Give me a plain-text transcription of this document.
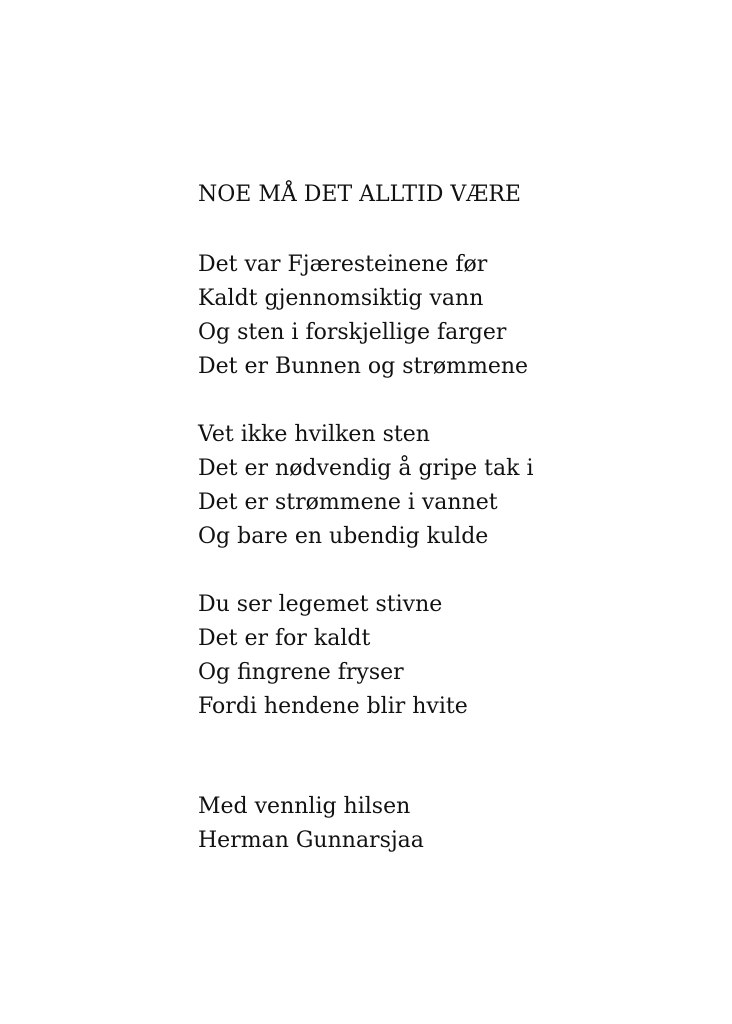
NOE MÅ DET ALLTID VÆRE
Det var Fjæresteinene før
Kaldt gjennomsiktig vann
Og sten i forskjellige farger
Det er Bunnen og strømmene
Vet ikke hvilken sten
Det er nødvendig å gripe tak i
Det er strømmene i vannet
Og bare en ubendig kulde
Du ser legemet stivne
Det er for kaldt
Og fingrene fryser
Fordi hendene blir hvite
Med vennlig hilsen
Herman Gunnarsjaa
